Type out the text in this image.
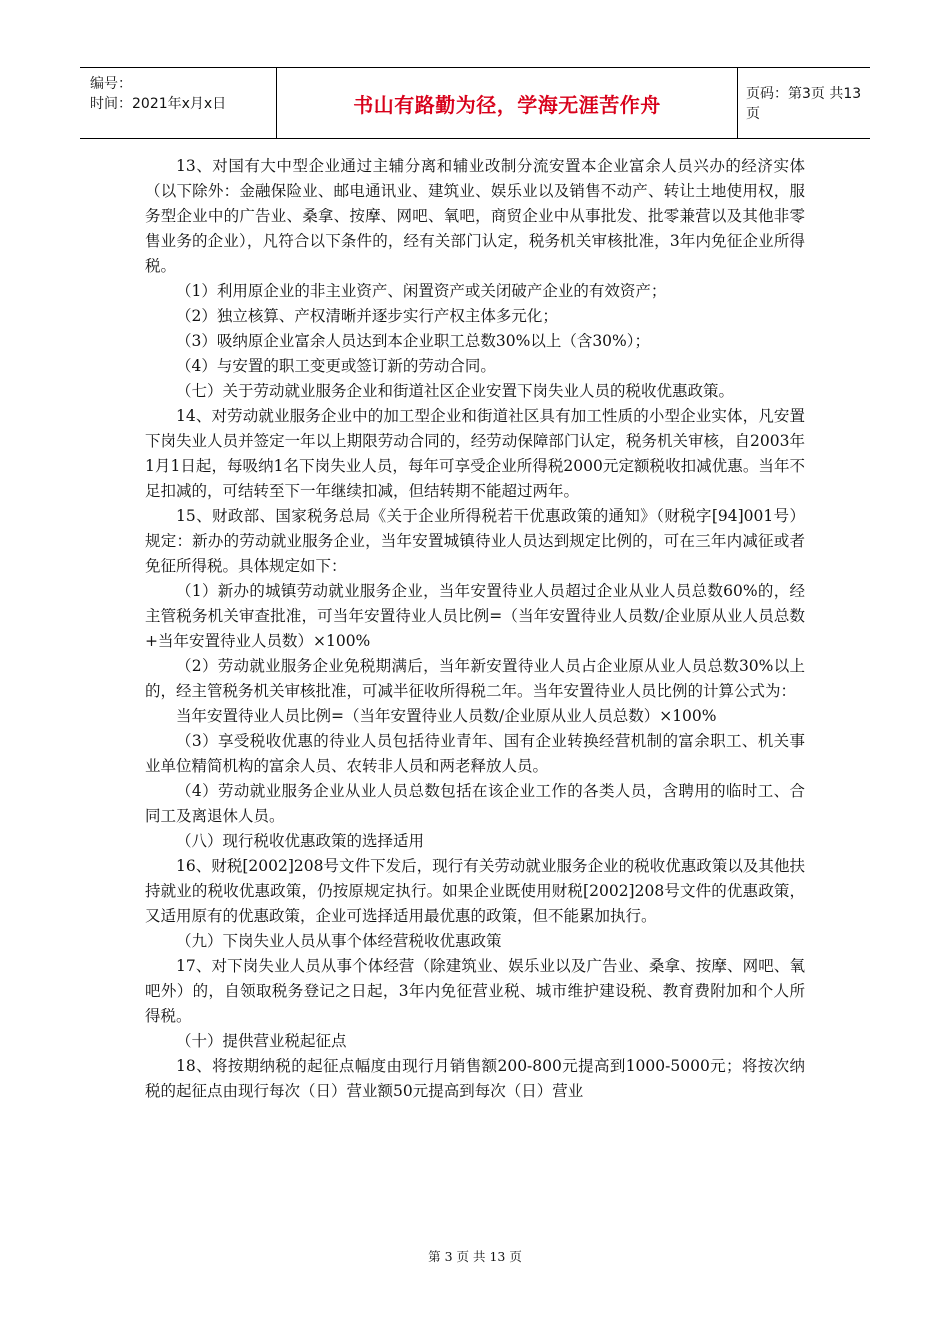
编号：
时间：2021年x月x日	书山有路勤为径，学海无涯苦作舟	页码：第3页 共13页

13、对国有大中型企业通过主辅分离和辅业改制分流安置本企业富余人员兴办的经济实体（以下除外：金融保险业、邮电通讯业、建筑业、娱乐业以及销售不动产、转让土地使用权，服务型企业中的广告业、桑拿、按摩、网吧、氧吧，商贸企业中从事批发、批零兼营以及其他非零售业务的企业），凡符合以下条件的，经有关部门认定，税务机关审核批准，3年内免征企业所得税。

（1）利用原企业的非主业资产、闲置资产或关闭破产企业的有效资产；

（2）独立核算、产权清晰并逐步实行产权主体多元化；

（3）吸纳原企业富余人员达到本企业职工总数30%以上（含30%）；

（4）与安置的职工变更或签订新的劳动合同。

（七）关于劳动就业服务企业和街道社区企业安置下岗失业人员的税收优惠政策。

14、对劳动就业服务企业中的加工型企业和街道社区具有加工性质的小型企业实体，凡安置下岗失业人员并签定一年以上期限劳动合同的，经劳动保障部门认定，税务机关审核，自2003年1月1日起，每吸纳1名下岗失业人员，每年可享受企业所得税2000元定额税收扣减优惠。当年不足扣减的，可结转至下一年继续扣减，但结转期不能超过两年。

15、财政部、国家税务总局《关于企业所得税若干优惠政策的通知》（财税字[94]001号）规定：新办的劳动就业服务企业，当年安置城镇待业人员达到规定比例的，可在三年内减征或者免征所得税。具体规定如下：

（1）新办的城镇劳动就业服务企业，当年安置待业人员超过企业从业人员总数60%的，经主管税务机关审查批准，可当年安置待业人员比例=（当年安置待业人员数/企业原从业人员总数+当年安置待业人员数）×100%

（2）劳动就业服务企业免税期满后，当年新安置待业人员占企业原从业人员总数30%以上的，经主管税务机关审核批准，可减半征收所得税二年。当年安置待业人员比例的计算公式为：

当年安置待业人员比例=（当年安置待业人员数/企业原从业人员总数）×100%

（3）享受税收优惠的待业人员包括待业青年、国有企业转换经营机制的富余职工、机关事业单位精简机构的富余人员、农转非人员和两老释放人员。

（4）劳动就业服务企业从业人员总数包括在该企业工作的各类人员，含聘用的临时工、合同工及离退休人员。

（八）现行税收优惠政策的选择适用

16、财税[2002]208号文件下发后，现行有关劳动就业服务企业的税收优惠政策以及其他扶持就业的税收优惠政策，仍按原规定执行。如果企业既使用财税[2002]208号文件的优惠政策，又适用原有的优惠政策，企业可选择适用最优惠的政策，但不能累加执行。

（九）下岗失业人员从事个体经营税收优惠政策

17、对下岗失业人员从事个体经营（除建筑业、娱乐业以及广告业、桑拿、按摩、网吧、氧吧外）的，自领取税务登记之日起，3年内免征营业税、城市维护建设税、教育费附加和个人所得税。

（十）提供营业税起征点

18、将按期纳税的起征点幅度由现行月销售额200-800元提高到1000-5000元；将按次纳税的起征点由现行每次（日）营业额50元提高到每次（日）营业

第 3 页 共 13 页
